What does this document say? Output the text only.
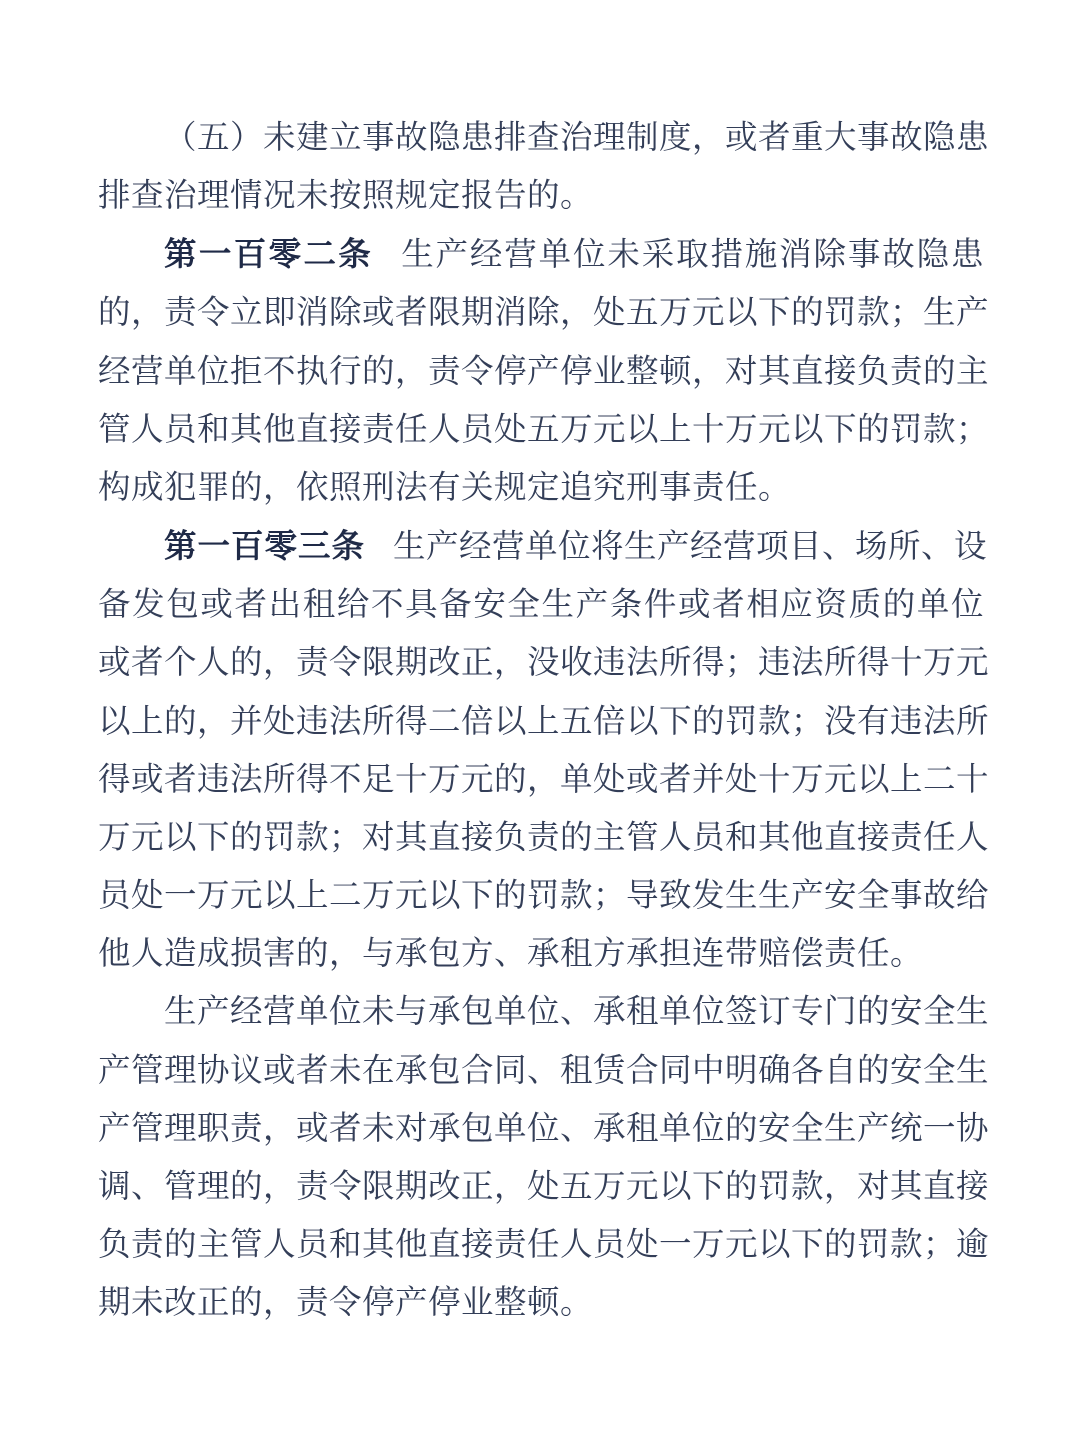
（五）未建立事故隐患排查治理制度，或者重大事故隐患
排查治理情况未按照规定报告的。
第一百零二条 生产经营单位未采取措施消除事故隐患
的，责令立即消除或者限期消除，处五万元以下的罚款；生产
经营单位拒不执行的，责令停产停业整顿，对其直接负责的主
管人员和其他直接责任人员处五万元以上十万元以下的罚款；
构成犯罪的，依照刑法有关规定追究刑事责任。
第一百零三条 生产经营单位将生产经营项目、场所、设
备发包或者出租给不具备安全生产条件或者相应资质的单位
或者个人的，责令限期改正，没收违法所得；违法所得十万元
以上的，并处违法所得二倍以上五倍以下的罚款；没有违法所
得或者违法所得不足十万元的，单处或者并处十万元以上二十
万元以下的罚款；对其直接负责的主管人员和其他直接责任人
员处一万元以上二万元以下的罚款；导致发生生产安全事故给
他人造成损害的，与承包方、承租方承担连带赔偿责任。
生产经营单位未与承包单位、承租单位签订专门的安全生
产管理协议或者未在承包合同、租赁合同中明确各自的安全生
产管理职责，或者未对承包单位、承租单位的安全生产统一协
调、管理的，责令限期改正，处五万元以下的罚款，对其直接
负责的主管人员和其他直接责任人员处一万元以下的罚款；逾
期未改正的，责令停产停业整顿。
